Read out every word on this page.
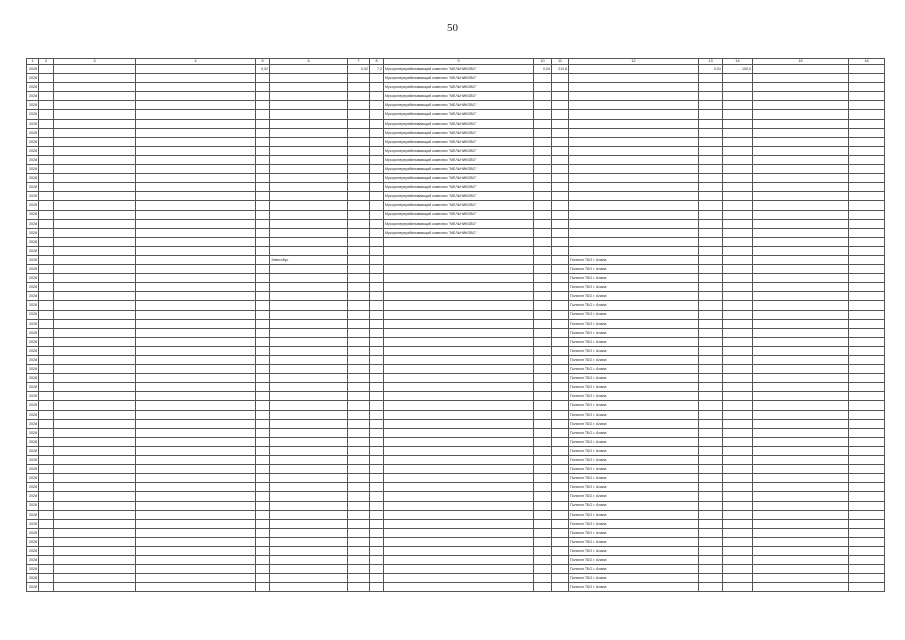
50
1	2	3	4	5	6	7	8	9	10	11	12	13	14	15	16
2028				0,02		0,02	7,2	Мусороперерабатывающий комплекс "МЕЛЬНИКОВО"	0,04	211,8		0,01	100,0		
2028								Мусороперерабатывающий комплекс "МЕЛЬНИКОВО"							
2028								Мусороперерабатывающий комплекс "МЕЛЬНИКОВО"							
2028								Мусороперерабатывающий комплекс "МЕЛЬНИКОВО"							
2028								Мусороперерабатывающий комплекс "МЕЛЬНИКОВО"							
2028								Мусороперерабатывающий комплекс "МЕЛЬНИКОВО"							
2028								Мусороперерабатывающий комплекс "МЕЛЬНИКОВО"							
2028								Мусороперерабатывающий комплекс "МЕЛЬНИКОВО"							
2028								Мусороперерабатывающий комплекс "МЕЛЬНИКОВО"							
2028								Мусороперерабатывающий комплекс "МЕЛЬНИКОВО"							
2028								Мусороперерабатывающий комплекс "МЕЛЬНИКОВО"							
2028								Мусороперерабатывающий комплекс "МЕЛЬНИКОВО"							
2028								Мусороперерабатывающий комплекс "МЕЛЬНИКОВО"							
2028								Мусороперерабатывающий комплекс "МЕЛЬНИКОВО"							
2028								Мусороперерабатывающий комплекс "МЕЛЬНИКОВО"							
2028								Мусороперерабатывающий комплекс "МЕЛЬНИКОВО"							
2028								Мусороперерабатывающий комплекс "МЕЛЬНИКОВО"							
2028								Мусороперерабатывающий комплекс "МЕЛЬНИКОВО"							
2028								Мусороперерабатывающий комплекс "МЕЛЬНИКОВО"							
2028															
2028															
2028					Электобус						Полигон ТБО г. Алапа				
2028											Полигон ТБО г. Алапа				
2028											Полигон ТБО г. Алапа				
2028											Полигон ТБО г. Алапа				
2028											Полигон ТБО г. Алапа				
2028											Полигон ТБО г. Алапа				
2028											Полигон ТБО г. Алапа				
2028											Полигон ТБО г. Алапа				
2028											Полигон ТБО г. Алапа				
2028											Полигон ТБО г. Алапа				
2028											Полигон ТБО г. Алапа				
2028											Полигон ТБО г. Алапа				
2028											Полигон ТБО г. Алапа				
2028											Полигон ТБО г. Алапа				
2028											Полигон ТБО г. Алапа				
2028											Полигон ТБО г. Алапа				
2028											Полигон ТБО г. Алапа				
2028											Полигон ТБО г. Алапа				
2028											Полигон ТБО г. Алапа				
2028											Полигон ТБО г. Алапа				
2028											Полигон ТБО г. Алапа				
2028											Полигон ТБО г. Алапа				
2028											Полигон ТБО г. Алапа				
2028											Полигон ТБО г. Алапа				
2028											Полигон ТБО г. Алапа				
2028											Полигон ТБО г. Алапа				
2028											Полигон ТБО г. Алапа				
2028											Полигон ТБО г. Алапа				
2028											Полигон ТБО г. Алапа				
2028											Полигон ТБО г. Алапа				
2028											Полигон ТБО г. Алапа				
2028											Полигон ТБО г. Алапа				
2028											Полигон ТБО г. Алапа				
2028											Полигон ТБО г. Алапа				
2028											Полигон ТБО г. Алапа				
2028											Полигон ТБО г. Алапа				
2028											Полигон ТБО г. Алапа				
